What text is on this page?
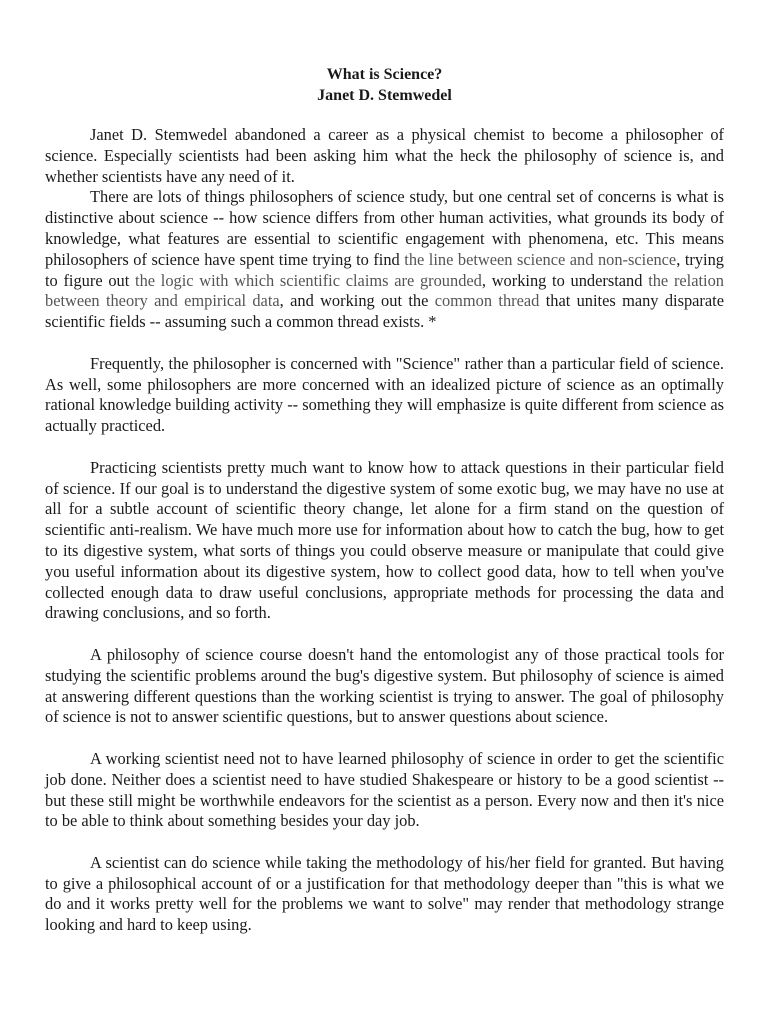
What is Science?
Janet D. Stemwedel

Janet D. Stemwedel abandoned a career as a physical chemist to become a philosopher of science. Especially scientists had been asking him what the heck the philosophy of science is, and whether scientists have any need of it.

There are lots of things philosophers of science study, but one central set of concerns is what is distinctive about science -- how science differs from other human activities, what grounds its body of knowledge, what features are essential to scientific engagement with phenomena, etc. This means philosophers of science have spent time trying to find the line between science and non-science, trying to figure out the logic with which scientific claims are grounded, working to understand the relation between theory and empirical data, and working out the common thread that unites many disparate scientific fields -- assuming such a common thread exists. *

Frequently, the philosopher is concerned with "Science" rather than a particular field of science. As well, some philosophers are more concerned with an idealized picture of science as an optimally rational knowledge building activity -- something they will emphasize is quite different from science as actually practiced.

Practicing scientists pretty much want to know how to attack questions in their particular field of science. If our goal is to understand the digestive system of some exotic bug, we may have no use at all for a subtle account of scientific theory change, let alone for a firm stand on the question of scientific anti-realism. We have much more use for information about how to catch the bug, how to get to its digestive system, what sorts of things you could observe measure or manipulate that could give you useful information about its digestive system, how to collect good data, how to tell when you've collected enough data to draw useful conclusions, appropriate methods for processing the data and drawing conclusions, and so forth.

A philosophy of science course doesn't hand the entomologist any of those practical tools for studying the scientific problems around the bug's digestive system. But philosophy of science is aimed at answering different questions than the working scientist is trying to answer. The goal of philosophy of science is not to answer scientific questions, but to answer questions about science.

A working scientist need not to have learned philosophy of science in order to get the scientific job done. Neither does a scientist need to have studied Shakespeare or history to be a good scientist -- but these still might be worthwhile endeavors for the scientist as a person. Every now and then it's nice to be able to think about something besides your day job.

A scientist can do science while taking the methodology of his/her field for granted. But having to give a philosophical account of or a justification for that methodology deeper than "this is what we do and it works pretty well for the problems we want to solve" may render that methodology strange looking and hard to keep using.
